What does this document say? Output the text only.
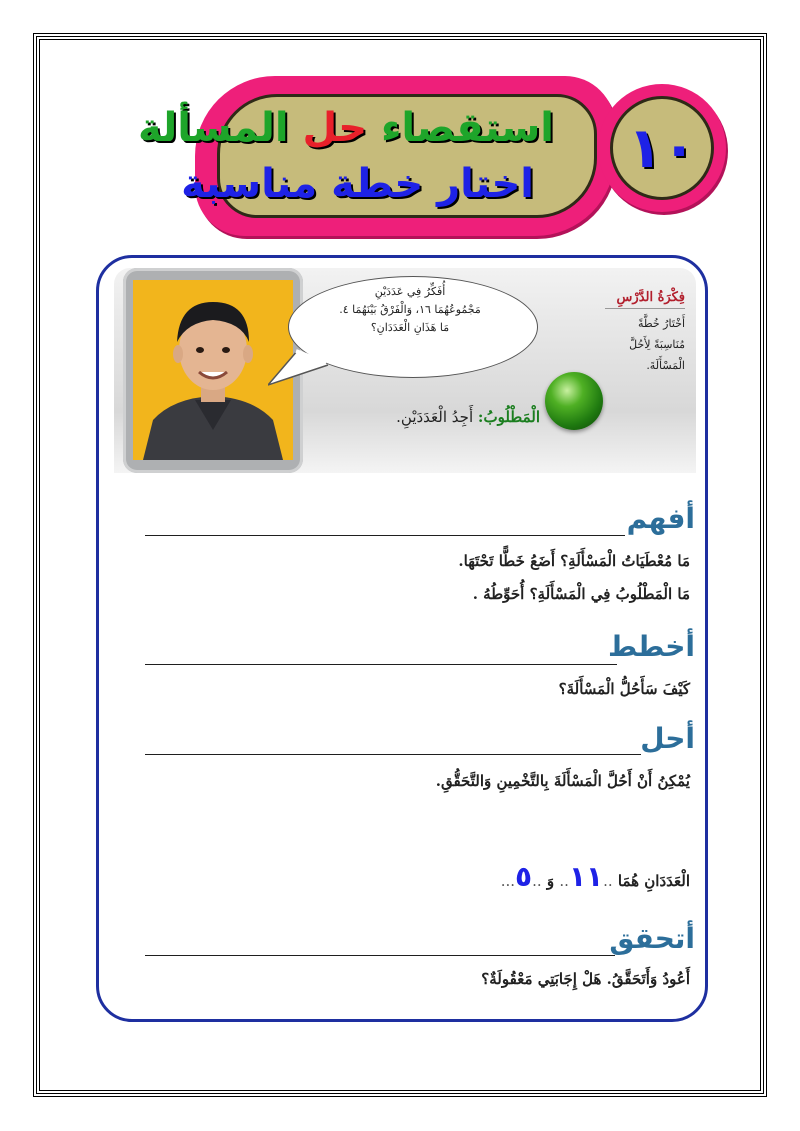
استقصاء حل المسألة
اختار خطة مناسبة
١٠
أُفَكِّرُ فِي عَدَدَيْنِ
مَجْمُوعُهُمَا ١٦، وَالْفَرْقُ بَيْنَهُمَا ٤.
مَا هَذَانِ الْعَدَدَانِ؟
الْمَطْلُوبُ: أَجِدُ الْعَدَدَيْنِ.
فِكْرَةُ الدَّرْسِ
أَخْتَارُ خُطَّةً
مُنَاسِبَةً لِأَحُلَّ
الْمَسْأَلَةَ.
أفهم
مَا مُعْطَيَاتُ الْمَسْأَلَةِ؟ أَضَعُ خَطًّا تَحْتَهَا.
مَا الْمَطْلُوبُ فِي الْمَسْأَلَةِ؟ أُحَوِّطُهُ .
أخطط
كَيْفَ سَأَحُلُّ الْمَسْأَلَةَ؟
أحل
يُمْكِنُ أَنْ أَحُلَّ الْمَسْأَلَةَ بِالتَّخْمِينِ وَالتَّحَقُّقِ.
الْعَدَدَانِ هُمَا ..١١.. وَ ..٥...
أتحقق
أَعُودُ وَأَتَحَقَّقُ. هَلْ إِجَابَتِي مَعْقُولَةٌ؟
